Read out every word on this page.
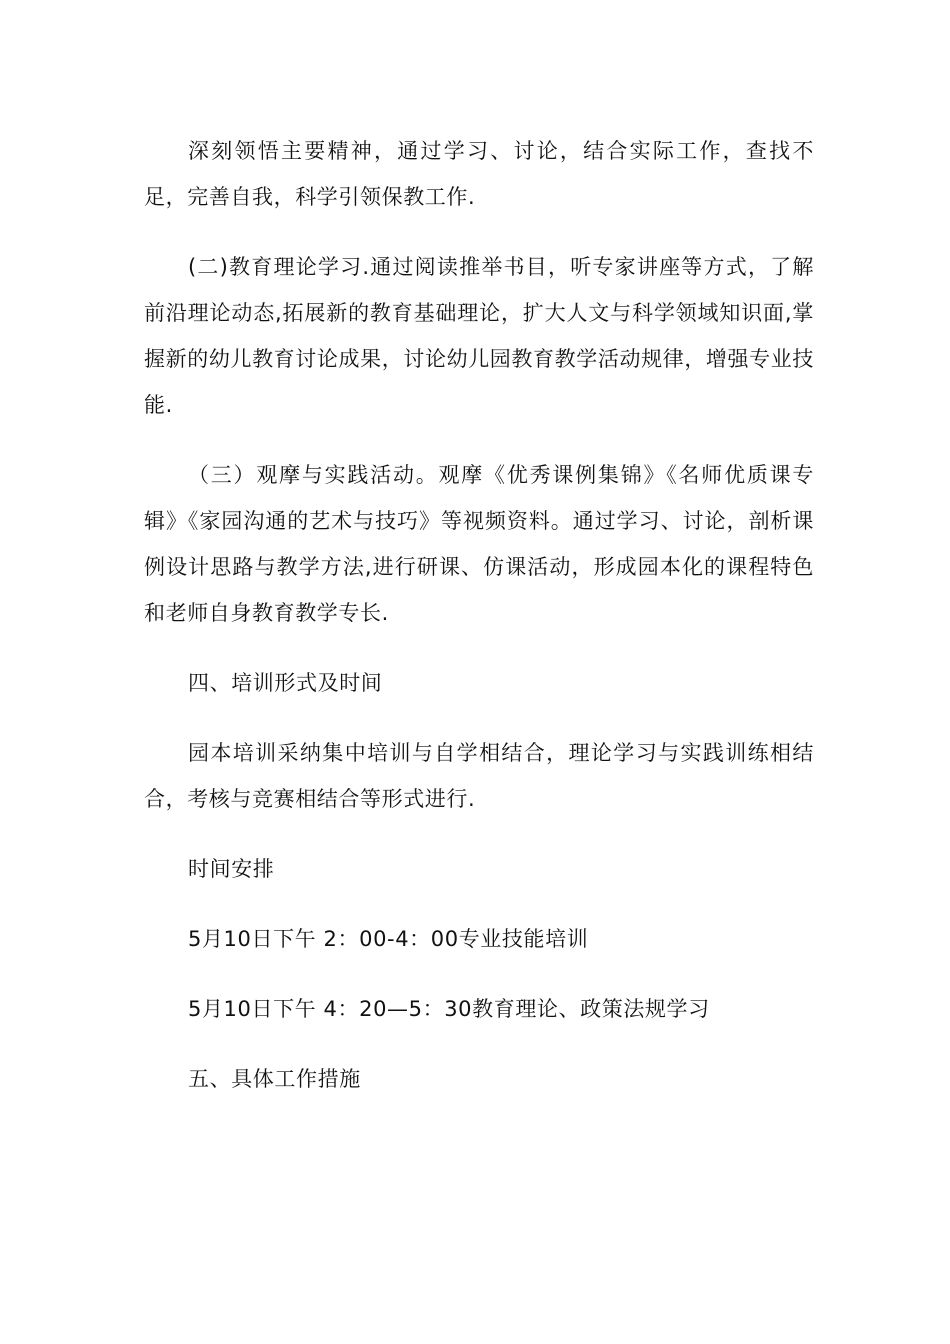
深刻领悟主要精神，通过学习、讨论，结合实际工作，查找不足，完善自我，科学引领保教工作.

(二)教育理论学习.通过阅读推举书目，听专家讲座等方式，了解前沿理论动态,拓展新的教育基础理论，扩大人文与科学领域知识面,掌握新的幼儿教育讨论成果，讨论幼儿园教育教学活动规律，增强专业技能.

（三）观摩与实践活动。观摩《优秀课例集锦》《名师优质课专辑》《家园沟通的艺术与技巧》等视频资料。通过学习、讨论，剖析课例设计思路与教学方法,进行研课、仿课活动，形成园本化的课程特色和老师自身教育教学专长.

四、培训形式及时间

园本培训采纳集中培训与自学相结合，理论学习与实践训练相结合，考核与竞赛相结合等形式进行.

时间安排

5月10日下午 2：00-4：00专业技能培训

5月10日下午 4：20—5：30教育理论、政策法规学习

五、具体工作措施
